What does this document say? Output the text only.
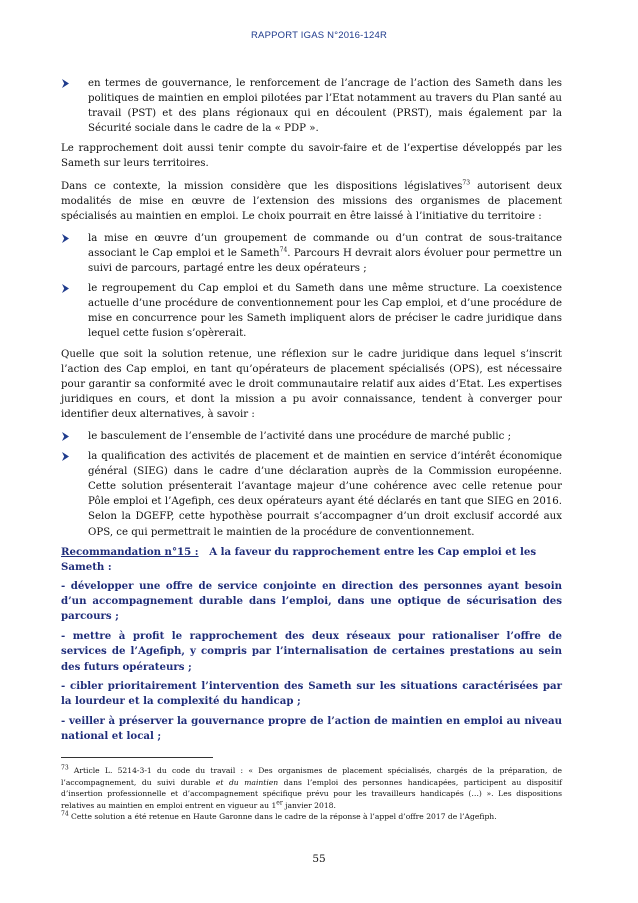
RAPPORT IGAS N°2016-124R

en termes de gouvernance, le renforcement de l’ancrage de l’action des Sameth dans les politiques de maintien en emploi pilotées par l’Etat notamment au travers du Plan santé au travail (PST) et des plans régionaux qui en découlent (PRST), mais également par la Sécurité sociale dans le cadre de la « PDP ».

Le rapprochement doit aussi tenir compte du savoir-faire et de l’expertise développés par les Sameth sur leurs territoires.

Dans ce contexte, la mission considère que les dispositions législatives$^{73}$ autorisent deux modalités de mise en œuvre de l’extension des missions des organismes de placement spécialisés au maintien en emploi. Le choix pourrait en être laissé à l’initiative du territoire :

la mise en œuvre d’un groupement de commande ou d’un contrat de sous-traitance associant le Cap emploi et le Sameth$^{74}$. Parcours H devrait alors évoluer pour permettre un suivi de parcours, partagé entre les deux opérateurs ;

le regroupement du Cap emploi et du Sameth dans une même structure. La coexistence actuelle d’une procédure de conventionnement pour les Cap emploi, et d’une procédure de mise en concurrence pour les Sameth impliquent alors de préciser le cadre juridique dans lequel cette fusion s’opèrerait.

Quelle que soit la solution retenue, une réflexion sur le cadre juridique dans lequel s’inscrit l’action des Cap emploi, en tant qu’opérateurs de placement spécialisés (OPS), est nécessaire pour garantir sa conformité avec le droit communautaire relatif aux aides d’Etat. Les expertises juridiques en cours, et dont la mission a pu avoir connaissance, tendent à converger pour identifier deux alternatives, à savoir :

le basculement de l’ensemble de l’activité dans une procédure de marché public ;

la qualification des activités de placement et de maintien en service d’intérêt économique général (SIEG) dans le cadre d’une déclaration auprès de la Commission européenne. Cette solution présenterait l’avantage majeur d’une cohérence avec celle retenue pour Pôle emploi et l’Agefiph, ces deux opérateurs ayant été déclarés en tant que SIEG en 2016. Selon la DGEFP, cette hypothèse pourrait s’accompagner d’un droit exclusif accordé aux OPS, ce qui permettrait le maintien de la procédure de conventionnement.

Recommandation n°15 : A la faveur du rapprochement entre les Cap emploi et les Sameth :
- développer une offre de service conjointe en direction des personnes ayant besoin d’un accompagnement durable dans l’emploi, dans une optique de sécurisation des parcours ;
- mettre à profit le rapprochement des deux réseaux pour rationaliser l’offre de services de l’Agefiph, y compris par l’internalisation de certaines prestations au sein des futurs opérateurs ;
- cibler prioritairement l’intervention des Sameth sur les situations caractérisées par la lourdeur et la complexité du handicap ;
- veiller à préserver la gouvernance propre de l’action de maintien en emploi au niveau national et local ;

$^{73}$ Article L. 5214-3-1 du code du travail : « Des organismes de placement spécialisés, chargés de la préparation, de l’accompagnement, du suivi durable et du maintien dans l’emploi des personnes handicapées, participent au dispositif d’insertion professionnelle et d’accompagnement spécifique prévu pour les travailleurs handicapés (…) ». Les dispositions relatives au maintien en emploi entrent en vigueur au 1er janvier 2018.

$^{74}$ Cette solution a été retenue en Haute Garonne dans le cadre de la réponse à l’appel d’offre 2017 de l’Agefiph.

55
